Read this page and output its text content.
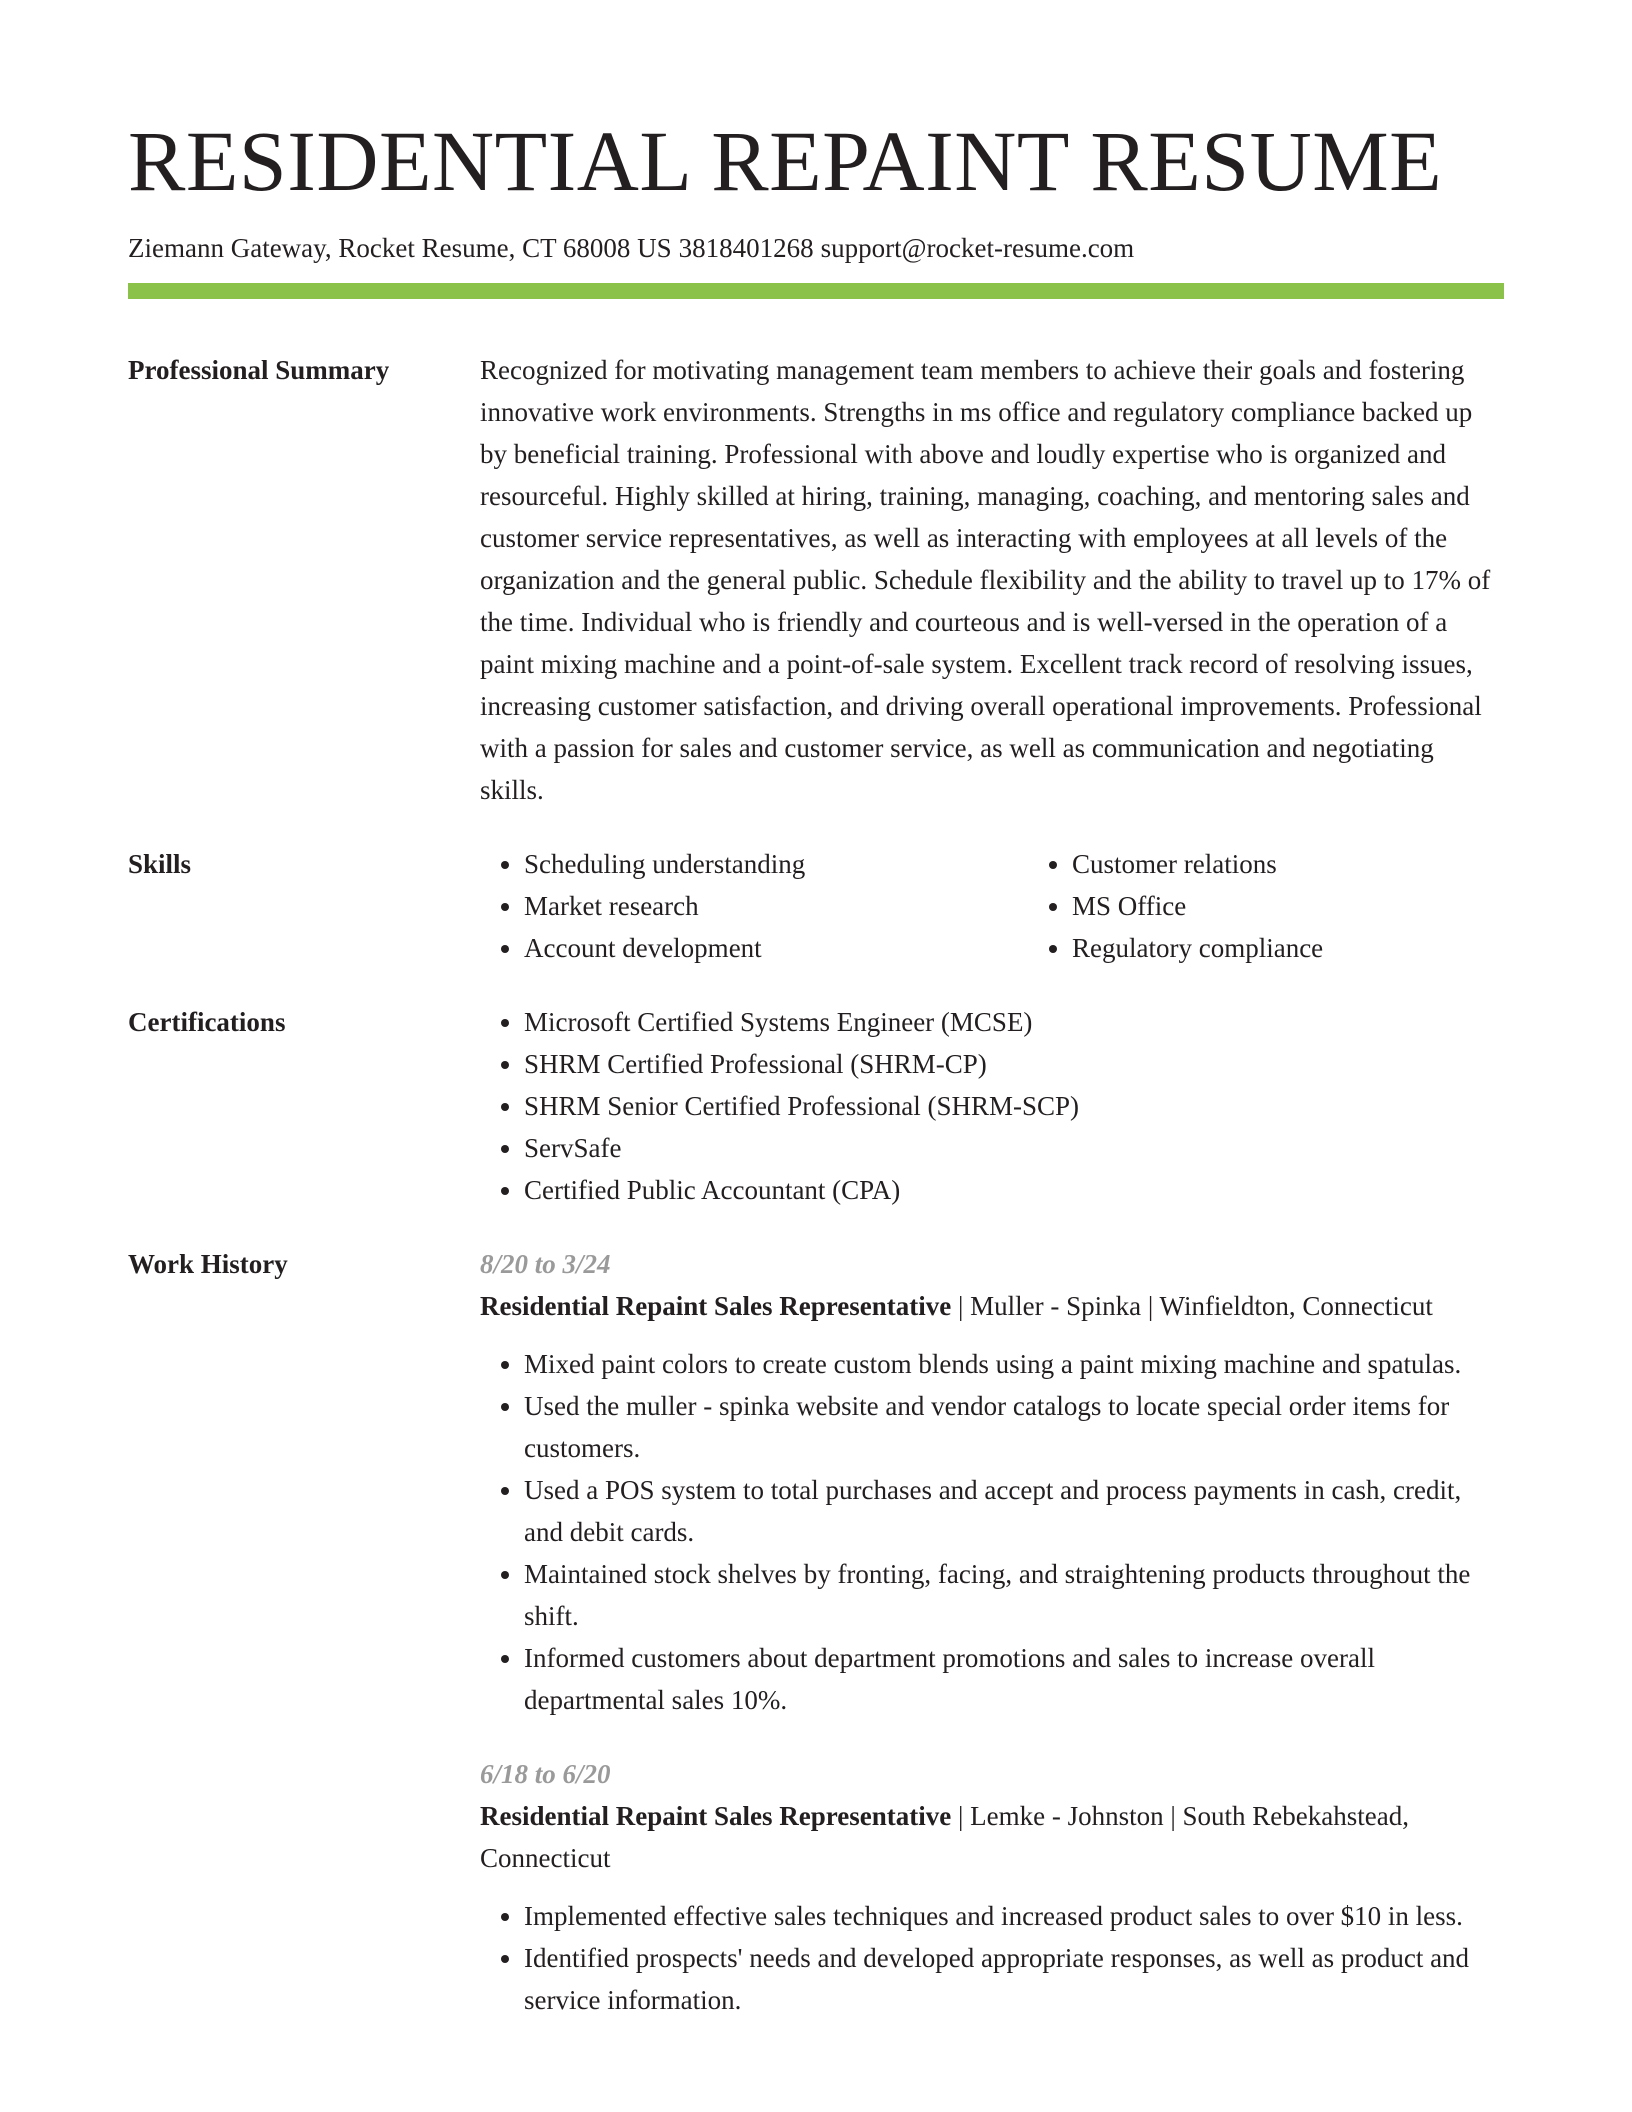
RESIDENTIAL REPAINT RESUME
Ziemann Gateway, Rocket Resume, CT 68008 US 3818401268 support@rocket-resume.com
Professional Summary	Recognized for motivating management team members to achieve their goals and fostering innovative work environments. Strengths in ms office and regulatory compliance backed up by beneficial training. Professional with above and loudly expertise who is organized and resourceful. Highly skilled at hiring, training, managing, coaching, and mentoring sales and customer service representatives, as well as interacting with employees at all levels of the organization and the general public. Schedule flexibility and the ability to travel up to 17% of the time. Individual who is friendly and courteous and is well-versed in the operation of a paint mixing machine and a point-of-sale system. Excellent track record of resolving issues, increasing customer satisfaction, and driving overall operational improvements. Professional with a passion for sales and customer service, as well as communication and negotiating skills.
Skills	• Scheduling understanding
• Market research
• Account development
• Customer relations
• MS Office
• Regulatory compliance
Certifications	• Microsoft Certified Systems Engineer (MCSE)
• SHRM Certified Professional (SHRM-CP)
• SHRM Senior Certified Professional (SHRM-SCP)
• ServSafe
• Certified Public Accountant (CPA)
Work History	8/20 to 3/24
Residential Repaint Sales Representative | Muller - Spinka | Winfieldton, Connecticut
• Mixed paint colors to create custom blends using a paint mixing machine and spatulas.
• Used the muller - spinka website and vendor catalogs to locate special order items for customers.
• Used a POS system to total purchases and accept and process payments in cash, credit, and debit cards.
• Maintained stock shelves by fronting, facing, and straightening products throughout the shift.
• Informed customers about department promotions and sales to increase overall departmental sales 10%.
6/18 to 6/20
Residential Repaint Sales Representative | Lemke - Johnston | South Rebekahstead, Connecticut
• Implemented effective sales techniques and increased product sales to over $10 in less.
• Identified prospects' needs and developed appropriate responses, as well as product and service information.
